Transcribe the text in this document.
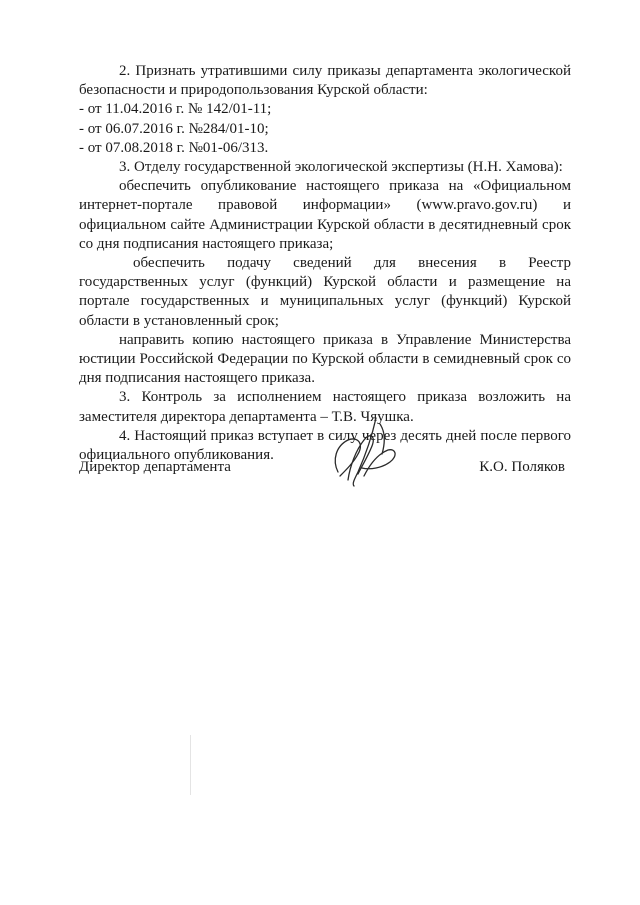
2. Признать утратившими силу приказы департамента экологической безопасности и природопользования Курской области:

- от 11.04.2016 г. № 142/01-11;

- от 06.07.2016 г. №284/01-10;

- от 07.08.2018 г. №01-06/313.

3. Отделу государственной экологической экспертизы (Н.Н. Хамова):

обеспечить опубликование настоящего приказа на «Официальном интернет-портале правовой информации» (www.pravo.gov.ru) и официальном сайте Администрации Курской области в десятидневный срок со дня подписания настоящего приказа;

обеспечить подачу сведений для внесения в Реестр государственных услуг (функций) Курской области и размещение на портале государственных и муниципальных услуг (функций) Курской области в установленный срок;

направить копию настоящего приказа в Управление Министерства юстиции Российской Федерации по Курской области в семидневный срок со дня подписания настоящего приказа.

3. Контроль за исполнением настоящего приказа возложить на заместителя директора департамента – Т.В. Чяушка.

4. Настоящий приказ вступает в силу через десять дней после первого официального опубликования.

Директор департамента	К.О. Поляков
